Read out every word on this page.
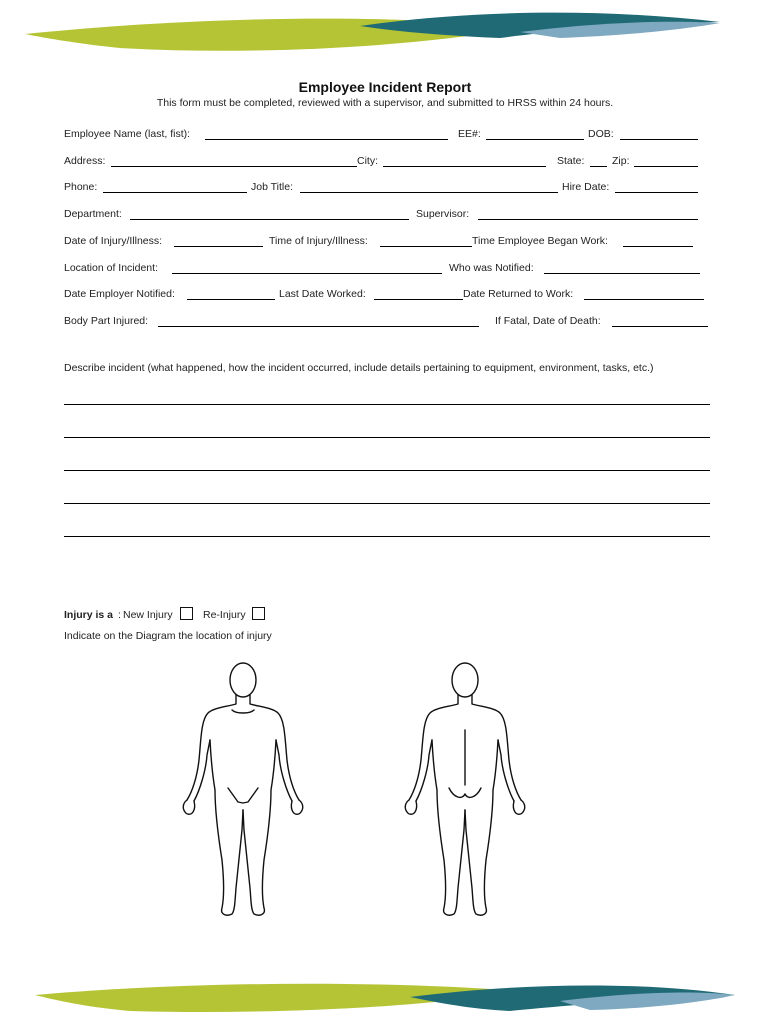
Employee Incident Report
This form must be completed, reviewed with a supervisor, and submitted to HRSS within 24 hours.
Employee Name (last, fist):	EE#:	DOB:
Address:	City:	State:	Zip:
Phone:	Job Title:	Hire Date:
Department:	Supervisor:
Date of Injury/Illness:	Time of Injury/Illness:	Time Employee Began Work:
Location of Incident:	Who was Notified:
Date Employer Notified:	Last Date Worked:	Date Returned to Work:
Body Part Injured:	If Fatal, Date of Death:
Describe incident (what happened, how the incident occurred, include details pertaining to equipment, environment, tasks, etc.)
Injury is a : New Injury	Re-Injury
Indicate on the Diagram the location of injury
